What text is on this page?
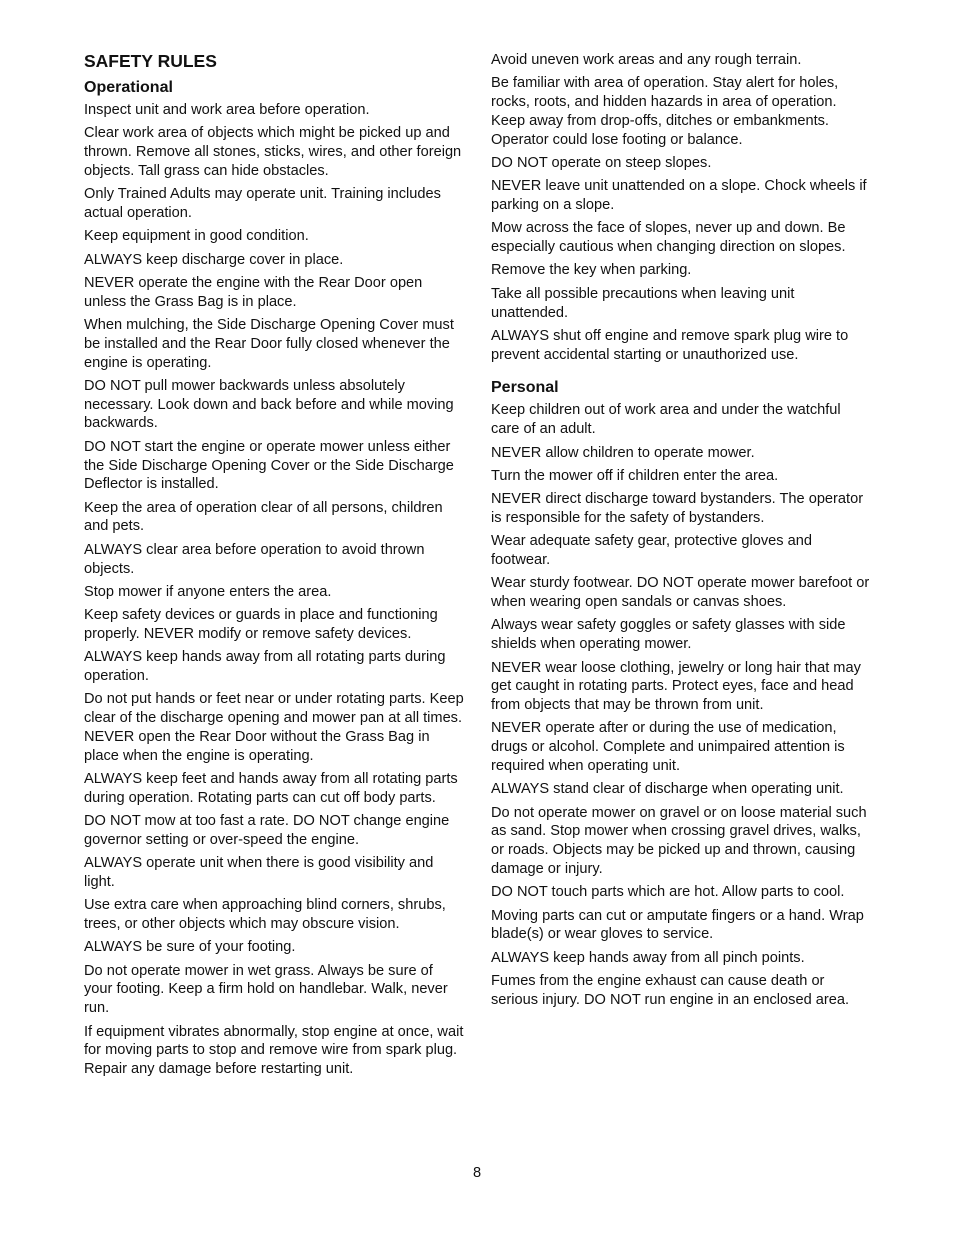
SAFETY RULES
Operational

Inspect unit and work area before operation.

Clear work area of objects which might be picked up and thrown. Remove all stones, sticks, wires, and other foreign objects. Tall grass can hide obstacles.

Only Trained Adults may operate unit. Training includes actual operation.

Keep equipment in good condition.

ALWAYS keep discharge cover in place.

NEVER operate the engine with the Rear Door open unless the Grass Bag is in place.

When mulching, the Side Discharge Opening Cover must be installed and the Rear Door fully closed whenever the engine is operating.

DO NOT pull mower backwards unless absolutely necessary. Look down and back before and while moving backwards.

DO NOT start the engine or operate mower unless either the Side Discharge Opening Cover or the Side Discharge Deflector is installed.

Keep the area of operation clear of all persons, children and pets.

ALWAYS clear area before operation to avoid thrown objects.

Stop mower if anyone enters the area.

Keep safety devices or guards in place and functioning properly. NEVER modify or remove safety devices.

ALWAYS keep hands away from all rotating parts during operation.

Do not put hands or feet near or under rotating parts. Keep clear of the discharge opening and mower pan at all times. NEVER open the Rear Door without the Grass Bag in place when the engine is operating.

ALWAYS keep feet and hands away from all rotating parts during operation. Rotating parts can cut off body parts.

DO NOT mow at too fast a rate. DO NOT change engine governor setting or over-speed the engine.

ALWAYS operate unit when there is good visibility and light.

Use extra care when approaching blind corners, shrubs, trees, or other objects which may obscure vision.

ALWAYS be sure of your footing.

Do not operate mower in wet grass. Always be sure of your footing. Keep a firm hold on handlebar. Walk, never run.

If equipment vibrates abnormally, stop engine at once, wait for moving parts to stop and remove wire from spark plug. Repair any damage before restarting unit.

Avoid uneven work areas and any rough terrain.

Be familiar with area of operation. Stay alert for holes, rocks, roots, and hidden hazards in area of operation. Keep away from drop-offs, ditches or embankments. Operator could lose footing or balance.

DO NOT operate on steep slopes.

NEVER leave unit unattended on a slope. Chock wheels if parking on a slope.

Mow across the face of slopes, never up and down. Be especially cautious when changing direction on slopes.

Remove the key when parking.

Take all possible precautions when leaving unit unattended.

ALWAYS shut off engine and remove spark plug wire to prevent accidental starting or unauthorized use.

Personal

Keep children out of work area and under the watchful care of an adult.

NEVER allow children to operate mower.

Turn the mower off if children enter the area.

NEVER direct discharge toward bystanders. The operator is responsible for the safety of bystanders.

Wear adequate safety gear, protective gloves and footwear.

Wear sturdy footwear. DO NOT operate mower barefoot or when wearing open sandals or canvas shoes.

Always wear safety goggles or safety glasses with side shields when operating mower.

NEVER wear loose clothing, jewelry or long hair that may get caught in rotating parts. Protect eyes, face and head from objects that may be thrown from unit.

NEVER operate after or during the use of medication, drugs or alcohol. Complete and unimpaired attention is required when operating unit.

ALWAYS stand clear of discharge when operating unit.

Do not operate mower on gravel or on loose material such as sand. Stop mower when crossing gravel drives, walks, or roads. Objects may be picked up and thrown, causing damage or injury.

DO NOT touch parts which are hot. Allow parts to cool.

Moving parts can cut or amputate fingers or a hand. Wrap blade(s) or wear gloves to service.

ALWAYS keep hands away from all pinch points.

Fumes from the engine exhaust can cause death or serious injury. DO NOT run engine in an enclosed area.

8
